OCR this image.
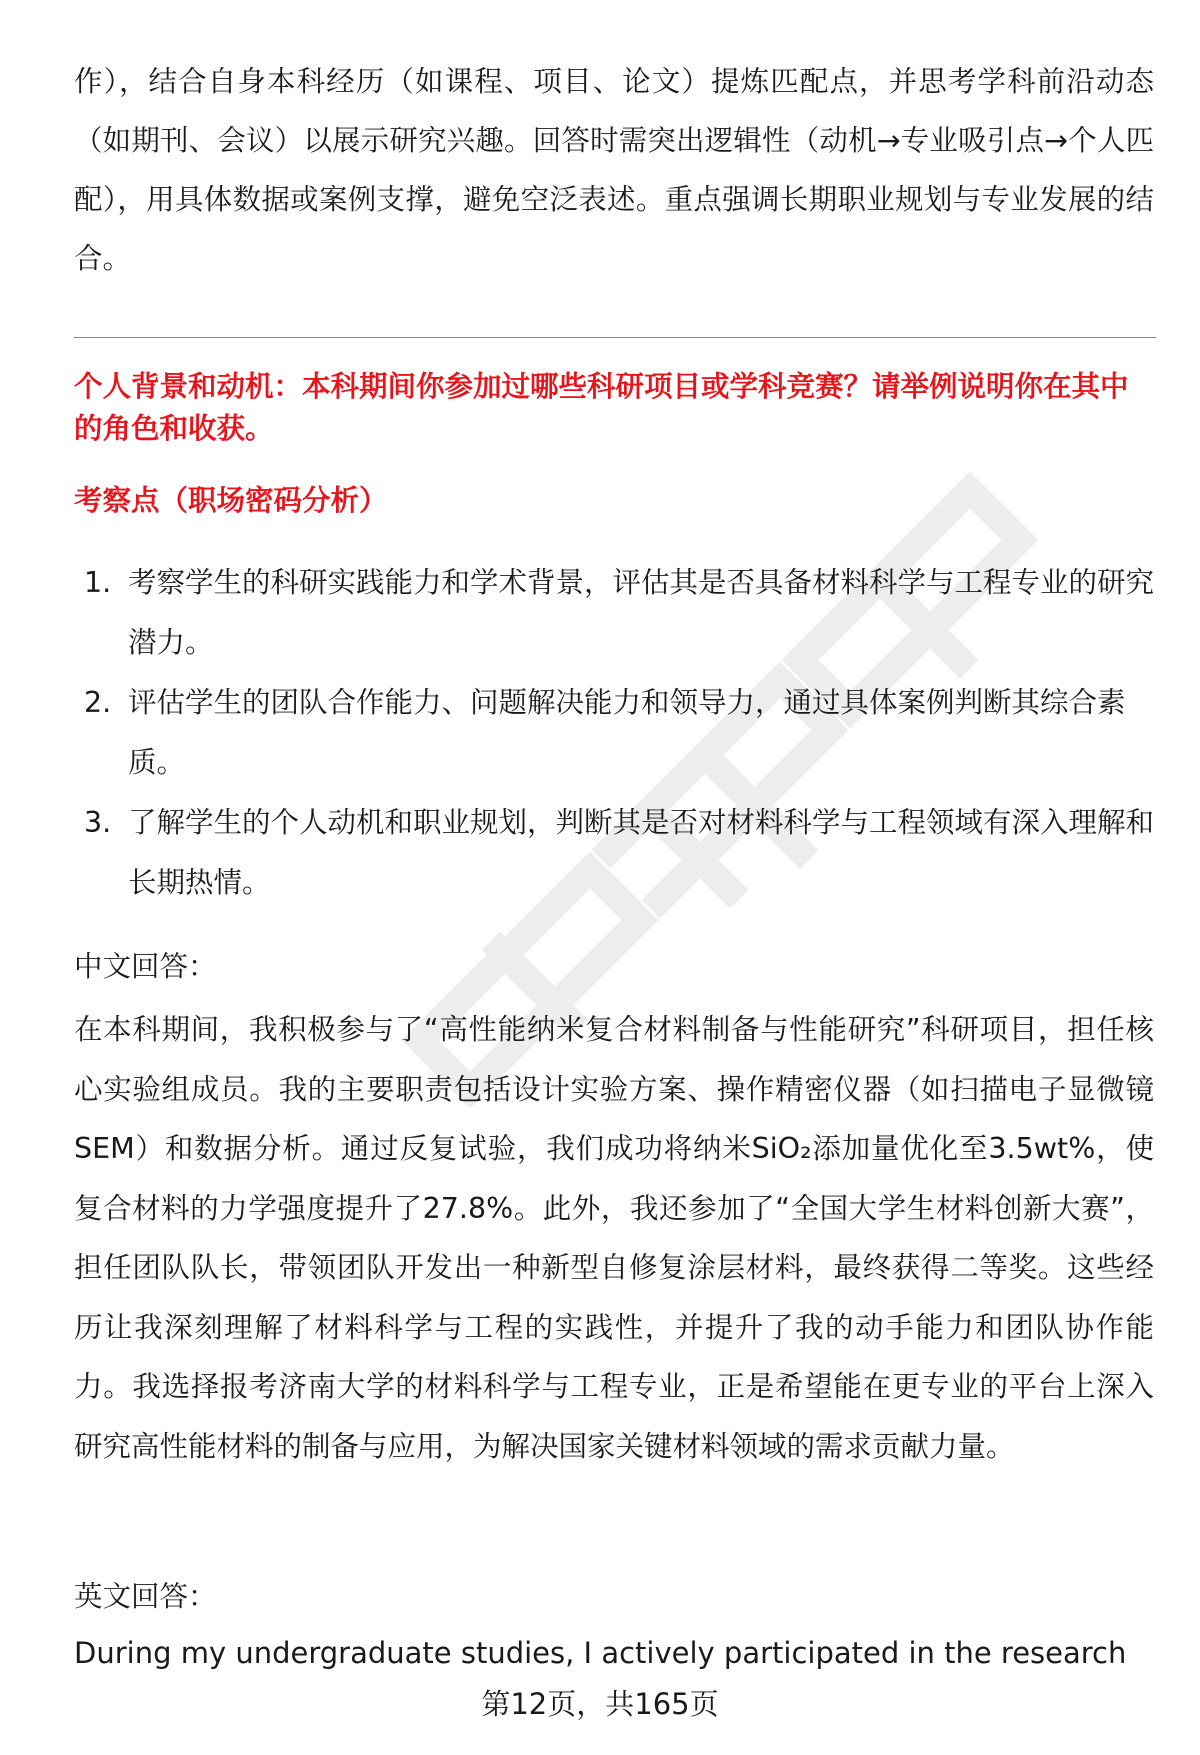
作），结合自身本科经历（如课程、项目、论文）提炼匹配点，并思考学科前沿动态（如期刊、会议）以展示研究兴趣。回答时需突出逻辑性（动机→专业吸引点→个人匹配），用具体数据或案例支撑，避免空泛表述。重点强调长期职业规划与专业发展的结合。

个人背景和动机：本科期间你参加过哪些科研项目或学科竞赛？请举例说明你在其中的角色和收获。

考察点（职场密码分析）

1. 考察学生的科研实践能力和学术背景，评估其是否具备材料科学与工程专业的研究潜力。
2. 评估学生的团队合作能力、问题解决能力和领导力，通过具体案例判断其综合素质。
3. 了解学生的个人动机和职业规划，判断其是否对材料科学与工程领域有深入理解和长期热情。

中文回答：

在本科期间，我积极参与了“高性能纳米复合材料制备与性能研究”科研项目，担任核心实验组成员。我的主要职责包括设计实验方案、操作精密仪器（如扫描电子显微镜SEM）和数据分析。通过反复试验，我们成功将纳米SiO₂添加量优化至3.5wt%，使复合材料的力学强度提升了27.8%。此外，我还参加了“全国大学生材料创新大赛”，担任团队队长，带领团队开发出一种新型自修复涂层材料，最终获得二等奖。这些经历让我深刻理解了材料科学与工程的实践性，并提升了我的动手能力和团队协作能力。我选择报考济南大学的材料科学与工程专业，正是希望能在更专业的平台上深入研究高性能材料的制备与应用，为解决国家关键材料领域的需求贡献力量。

英文回答：

During my undergraduate studies, I actively participated in the research

第12页，共165页
